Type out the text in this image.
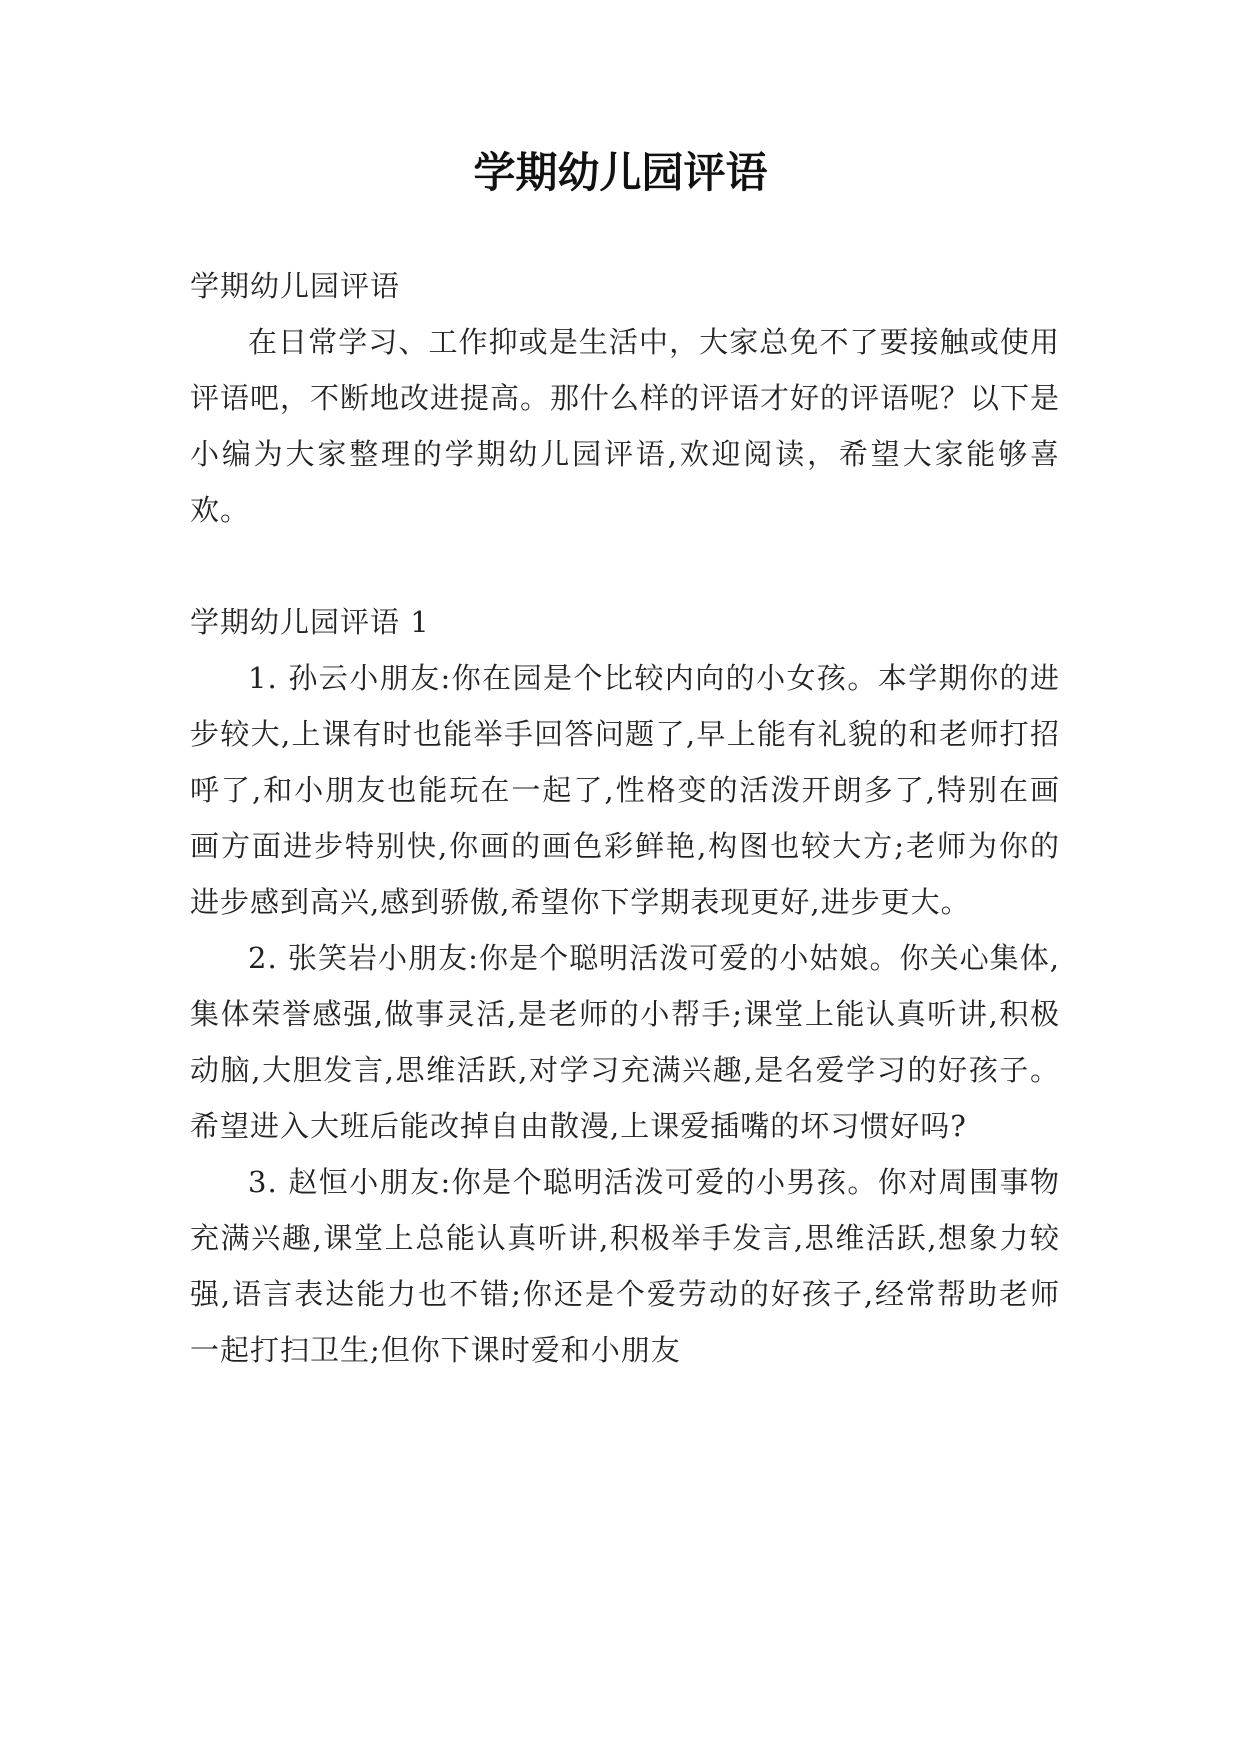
学期幼儿园评语

学期幼儿园评语

在日常学习、工作抑或是生活中，大家总免不了要接触或使用评语吧，不断地改进提高。那什么样的评语才好的评语呢？以下是小编为大家整理的学期幼儿园评语,欢迎阅读，希望大家能够喜欢。

学期幼儿园评语 1

1. 孙云小朋友:你在园是个比较内向的小女孩。本学期你的进步较大,上课有时也能举手回答问题了,早上能有礼貌的和老师打招呼了,和小朋友也能玩在一起了,性格变的活泼开朗多了,特别在画画方面进步特别快,你画的画色彩鲜艳,构图也较大方;老师为你的进步感到高兴,感到骄傲,希望你下学期表现更好,进步更大。

2. 张笑岩小朋友:你是个聪明活泼可爱的小姑娘。你关心集体,集体荣誉感强,做事灵活,是老师的小帮手;课堂上能认真听讲,积极动脑,大胆发言,思维活跃,对学习充满兴趣,是名爱学习的好孩子。希望进入大班后能改掉自由散漫,上课爱插嘴的坏习惯好吗?

3. 赵恒小朋友:你是个聪明活泼可爱的小男孩。你对周围事物充满兴趣,课堂上总能认真听讲,积极举手发言,思维活跃,想象力较强,语言表达能力也不错;你还是个爱劳动的好孩子,经常帮助老师一起打扫卫生;但你下课时爱和小朋友
